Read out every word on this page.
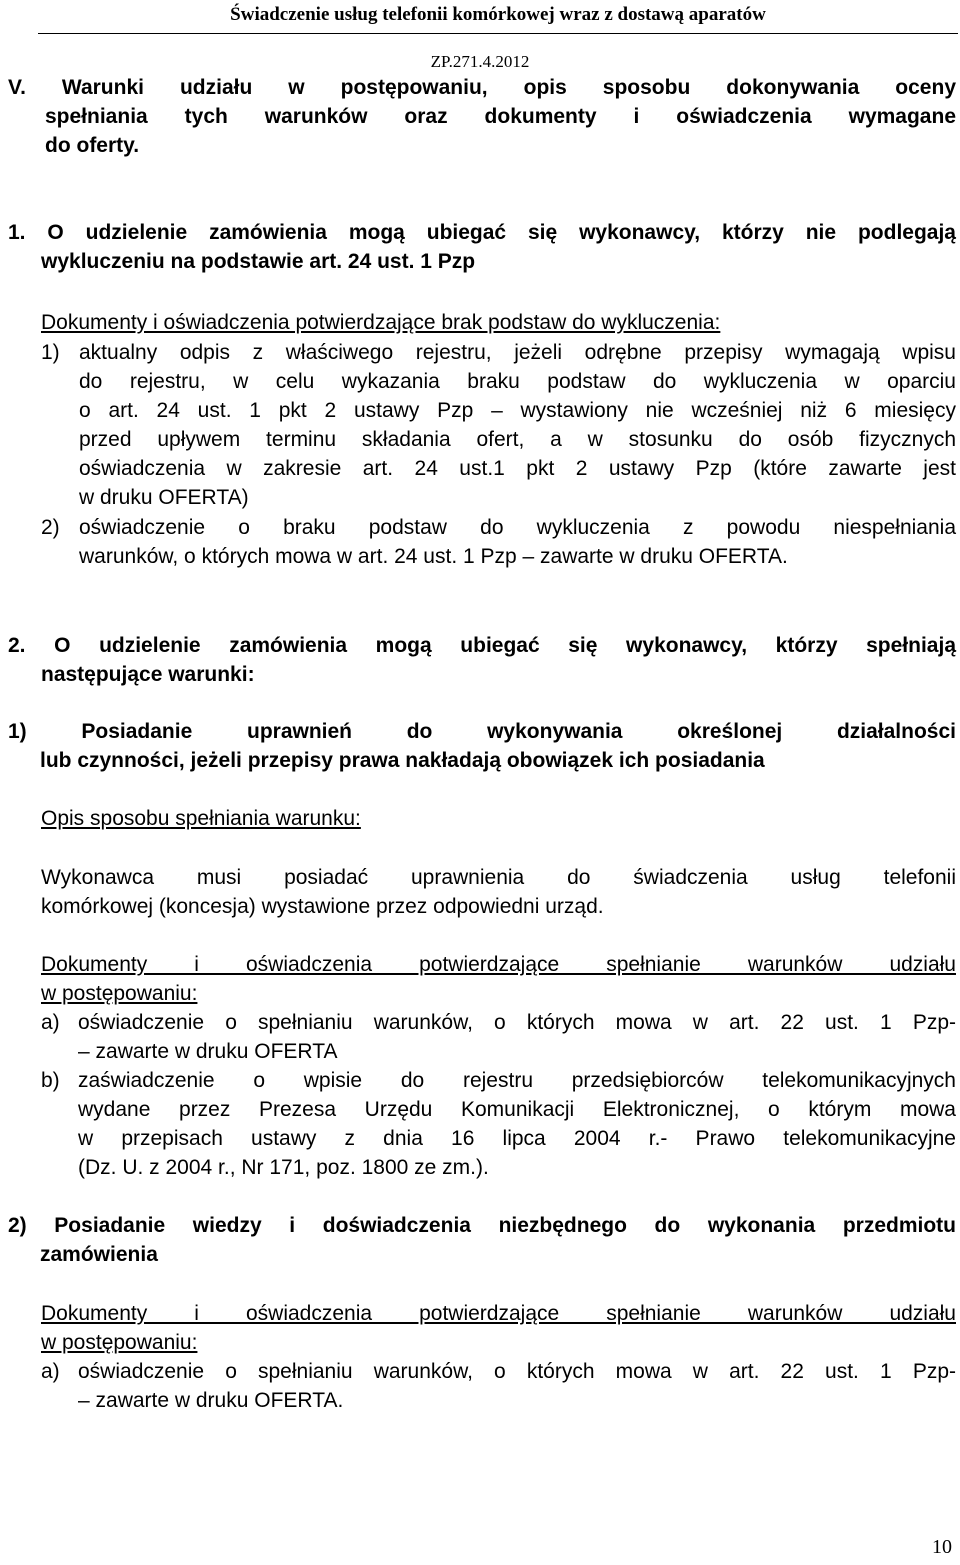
Świadczenie usług telefonii komórkowej wraz z dostawą aparatów
ZP.271.4.2012
V. Warunki udziału w postępowaniu, opis sposobu dokonywania oceny
spełniania tych warunków oraz dokumenty i oświadczenia wymagane
do oferty.
1. O udzielenie zamówienia mogą ubiegać się wykonawcy, którzy nie podlegają
wykluczeniu na podstawie art. 24 ust. 1 Pzp
Dokumenty i oświadczenia potwierdzające brak podstaw do wykluczenia:
1) aktualny odpis z właściwego rejestru, jeżeli odrębne przepisy wymagają wpisu
do rejestru, w celu wykazania braku podstaw do wykluczenia w oparciu
o art. 24 ust. 1 pkt 2 ustawy Pzp – wystawiony nie wcześniej niż 6 miesięcy
przed upływem terminu składania ofert, a w stosunku do osób fizycznych
oświadczenia w zakresie art. 24 ust.1 pkt 2 ustawy Pzp (które zawarte jest
w druku OFERTA)
2) oświadczenie o braku podstaw do wykluczenia z powodu niespełniania
warunków, o których mowa w art. 24 ust. 1 Pzp – zawarte w druku OFERTA.
2. O udzielenie zamówienia mogą ubiegać się wykonawcy, którzy spełniają
następujące warunki:
1) Posiadanie uprawnień do wykonywania określonej działalności
lub czynności, jeżeli przepisy prawa nakładają obowiązek ich posiadania
Opis sposobu spełniania warunku:
Wykonawca musi posiadać uprawnienia do świadczenia usług telefonii
komórkowej (koncesja) wystawione przez odpowiedni urząd.
Dokumenty i oświadczenia potwierdzające spełnianie warunków udziału
w postępowaniu:
a) oświadczenie o spełnianiu warunków, o których mowa w art. 22 ust. 1 Pzp-
– zawarte w druku OFERTA
b) zaświadczenie o wpisie do rejestru przedsiębiorców telekomunikacyjnych
wydane przez Prezesa Urzędu Komunikacji Elektronicznej, o którym mowa
w przepisach ustawy z dnia 16 lipca 2004 r.- Prawo telekomunikacyjne
(Dz. U. z 2004 r., Nr 171, poz. 1800 ze zm.).
2) Posiadanie wiedzy i doświadczenia niezbędnego do wykonania przedmiotu
zamówienia
Dokumenty i oświadczenia potwierdzające spełnianie warunków udziału
w postępowaniu:
a) oświadczenie o spełnianiu warunków, o których mowa w art. 22 ust. 1 Pzp-
– zawarte w druku OFERTA.
10
